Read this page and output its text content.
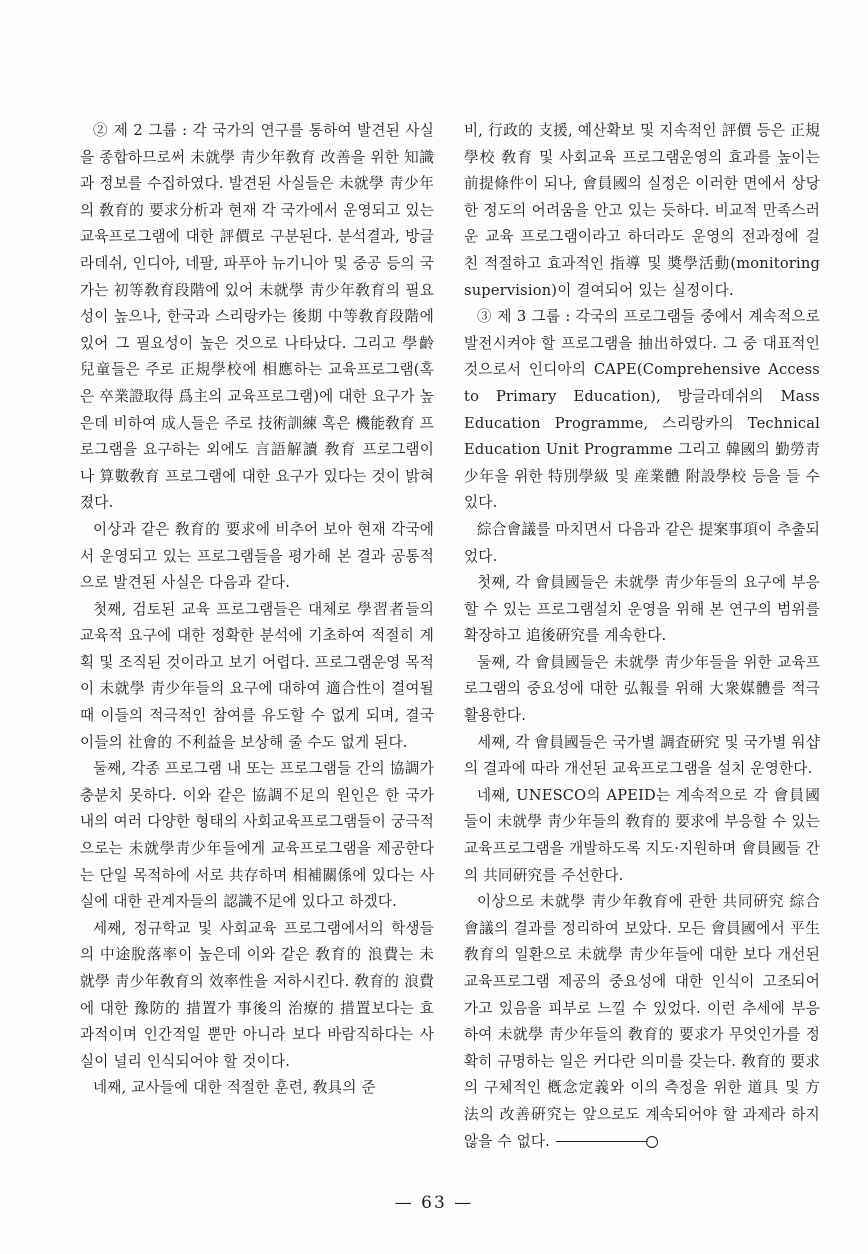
② 제 2 그룹 : 각 국가의 연구를 통하여 발견된 사실을 종합하므로써 未就學 靑少年敎育 改善을 위한 知識과 정보를 수집하였다. 발견된 사실들은 未就學 靑少年의 敎育的 要求分析과 현재 각 국가에서 운영되고 있는 교육프로그램에 대한 評價로 구분된다. 분석결과, 방글라데쉬, 인디아, 네팔, 파푸아 뉴기니아 및 중공 등의 국가는 初等敎育段階에 있어 未就學 靑少年敎育의 필요성이 높으나, 한국과 스리랑카는 後期 中等敎育段階에 있어 그 필요성이 높은 것으로 나타났다. 그리고 學齡兒童들은 주로 正規學校에 相應하는 교육프로그램(혹은 卒業證取得 爲主의 교육프로그램)에 대한 요구가 높은데 비하여 成人들은 주로 技術訓練 혹은 機能敎育 프로그램을 요구하는 외에도 言語解讀 敎育 프로그램이나 算數敎育 프로그램에 대한 요구가 있다는 것이 밝혀졌다.

이상과 같은 敎育的 要求에 비추어 보아 현재 각국에서 운영되고 있는 프로그램들을 평가해 본 결과 공통적으로 발견된 사실은 다음과 같다.

첫째, 검토된 교육 프로그램들은 대체로 學習者들의 교육적 요구에 대한 정확한 분석에 기초하여 적절히 계획 및 조직된 것이라고 보기 어렵다. 프로그램운영 목적이 未就學 靑少年들의 요구에 대하여 適合性이 결여될 때 이들의 적극적인 참여를 유도할 수 없게 되며, 결국 이들의 社會的 不利益을 보상해 줄 수도 없게 된다.

둘째, 각종 프로그램 내 또는 프로그램들 간의 協調가 충분치 못하다. 이와 같은 協調不足의 원인은 한 국가내의 여러 다양한 형태의 사회교육프로그램들이 궁극적으로는 未就學靑少年들에게 교육프로그램을 제공한다는 단일 목적하에 서로 共存하며 相補關係에 있다는 사실에 대한 관계자들의 認識不足에 있다고 하겠다.

세째, 정규학교 및 사회교육 프로그램에서의 학생들의 中途脫落率이 높은데 이와 같은 敎育的 浪費는 未就學 靑少年敎育의 效率性을 저하시킨다. 敎育的 浪費에 대한 豫防的 措置가 事後의 治療的 措置보다는 효과적이며 인간적일 뿐만 아니라 보다 바람직하다는 사실이 널리 인식되어야 할 것이다.

네째, 교사들에 대한 적절한 훈련, 敎具의 준

비, 行政的 支援, 예산확보 및 지속적인 評價 등은 正規學校 敎育 및 사회교육 프로그램운영의 효과를 높이는 前提條件이 되나, 會員國의 실정은 이러한 면에서 상당한 정도의 어려움을 안고 있는 듯하다. 비교적 만족스러운 교육 프로그램이라고 하더라도 운영의 전과정에 걸친 적절하고 효과적인 指導 및 奬學活動(monitoring supervision)이 결여되어 있는 실정이다.

③ 제 3 그룹 : 각국의 프로그램들 중에서 계속적으로 발전시켜야 할 프로그램을 抽出하였다. 그 중 대표적인 것으로서 인디아의 CAPE(Comprehensive Access to Primary Education), 방글라데쉬의 Mass Education Programme, 스리랑카의 Technical Education Unit Programme 그리고 韓國의 勤勞靑少年을 위한 特別學級 및 産業體 附設學校 등을 들 수 있다.

綜合會議를 마치면서 다음과 같은 提案事項이 추출되었다.

첫째, 각 會員國들은 未就學 靑少年들의 요구에 부응할 수 있는 프로그램설치 운영을 위해 본 연구의 범위를 확장하고 追後硏究를 계속한다.

둘째, 각 會員國들은 未就學 靑少年들을 위한 교육프로그램의 중요성에 대한 弘報를 위해 大衆媒體를 적극 활용한다.

세째, 각 會員國들은 국가별 調査硏究 및 국가별 워샵의 결과에 따라 개선된 교육프로그램을 설치 운영한다.

네째, UNESCO의 APEID는 계속적으로 각 會員國들이 未就學 靑少年들의 敎育的 要求에 부응할 수 있는 교육프로그램을 개발하도록 지도·지원하며 會員國들 간의 共同硏究를 주선한다.

이상으로 未就學 靑少年敎育에 관한 共同硏究 綜合會議의 결과를 정리하여 보았다. 모든 會員國에서 平生敎育의 일환으로 未就學 靑少年들에 대한 보다 개선된 교육프로그램 제공의 중요성에 대한 인식이 고조되어 가고 있음을 피부로 느낄 수 있었다. 이런 추세에 부응하여 未就學 靑少年들의 敎育的 要求가 무엇인가를 정확히 규명하는 일은 커다란 의미를 갖는다. 敎育的 要求의 구체적인 槪念定義와 이의 측정을 위한 道具 및 方法의 改善硏究는 앞으로도 계속되어야 할 과제라 하지 않을 수 없다.

— 63 —
